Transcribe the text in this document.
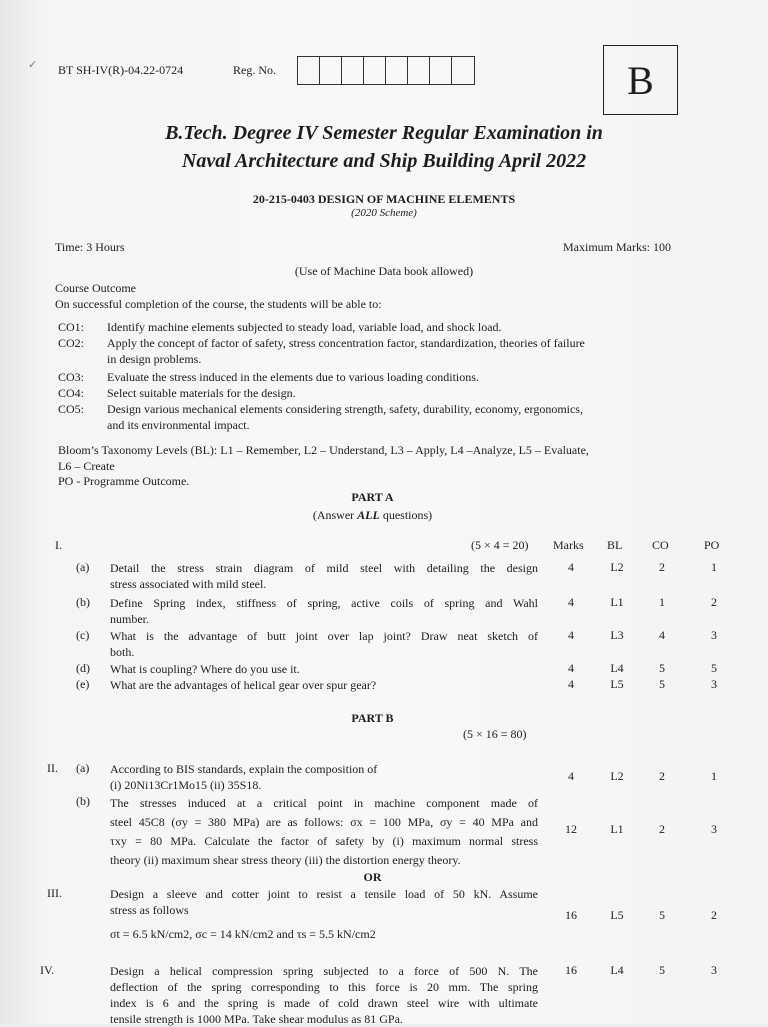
✓ BT SH-IV(R)-04.22-0724	Reg. No.	B
B.Tech. Degree IV Semester Regular Examination in
Naval Architecture and Ship Building April 2022
20-215-0403 DESIGN OF MACHINE ELEMENTS
(2020 Scheme)
Time: 3 Hours	Maximum Marks: 100
(Use of Machine Data book allowed)
Course Outcome
On successful completion of the course, the students will be able to:
CO1: Identify machine elements subjected to steady load, variable load, and shock load.
CO2: Apply the concept of factor of safety, stress concentration factor, standardization, theories of failure
in design problems.
CO3: Evaluate the stress induced in the elements due to various loading conditions.
CO4: Select suitable materials for the design.
CO5: Design various mechanical elements considering strength, safety, durability, economy, ergonomics,
and its environmental impact.
Bloom’s Taxonomy Levels (BL): L1 – Remember, L2 – Understand, L3 – Apply, L4 –Analyze, L5 – Evaluate,
L6 – Create
PO - Programme Outcome.
PART A
(Answer ALL questions)
I.	(5 × 4 = 20) Marks BL CO	PO
(a) Detail the stress strain diagram of mild steel with detailing the design
stress associated with mild steel.
4	L2	2	1
(b) Define Spring index, stiffness of spring, active coils of spring and Wahl
number.
4	L1	1	2
(c) What is the advantage of butt joint over lap joint? Draw neat sketch of
both.
4	L3	4	3
(d) What is coupling? Where do you use it.	4	L4	5	5
(e) What are the advantages of helical gear over spur gear?	4	L5	5	3
PART B
(5 × 16 = 80)
II. (a) According to BIS standards, explain the composition of
(i) 20Ni13Cr1Mo15 (ii) 35S18.
4	L2	2	1
(b) The stresses induced at a critical point in machine component made of
steel 45C8 (σy = 380 MPa) are as follows: σx = 100 MPa, σy = 40 MPa and
τxy = 80 MPa. Calculate the factor of safety by (i) maximum normal stress
theory (ii) maximum shear stress theory (iii) the distortion energy theory.
12	L1	2	3
OR
III.	Design a sleeve and cotter joint to resist a tensile load of 50 kN. Assume
stress as follows
σt = 6.5 kN/cm2, σc = 14 kN/cm2 and τs = 5.5 kN/cm2
16	L5	5	2
IV.	Design a helical compression spring subjected to a force of 500 N. The
deflection of the spring corresponding to this force is 20 mm. The spring
index is 6 and the spring is made of cold drawn steel wire with ultimate
tensile strength is 1000 MPa. Take shear modulus as 81 GPa.
16	L4	5	3
